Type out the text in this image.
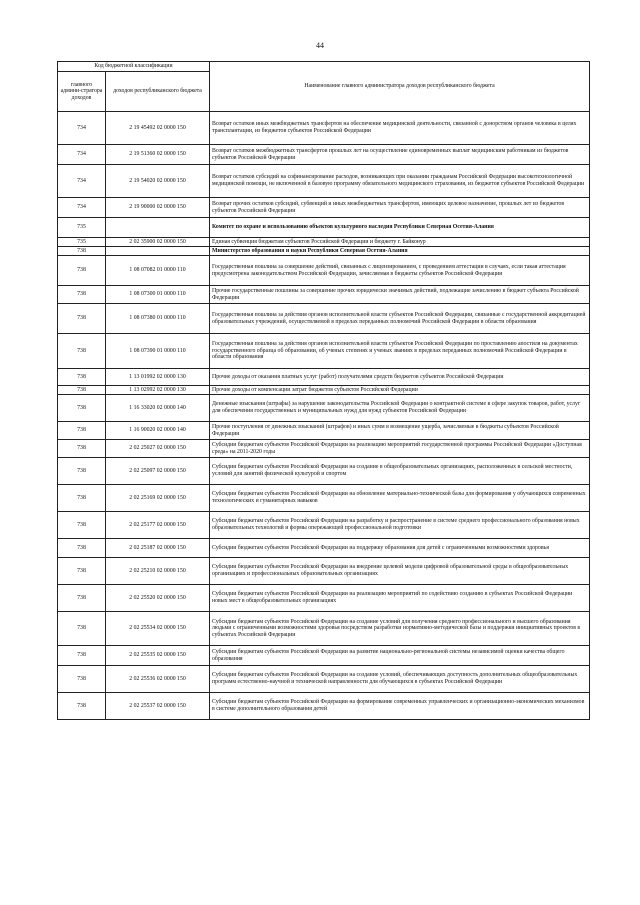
44
Код бюджетной классификации		Наименование главного администратора доходов республиканского бюджета
главного админи-стратора доходов	доходов республиканского бюджета	
734	2 19 45492 02 0000 150	Возврат остатков иных межбюджетных трансфертов на обеспечение медицинской деятельности, связанной с донорством органов человека в целях трансплантации, из бюджетов субъектов Российской Федерации
734	2 19 51360 02 0000 150	Возврат остатков межбюджетных трансфертов прошлых лет на осуществление единовременных выплат медицинским работникам из бюджетов субъектов Российской Федерации
734	2 19 54020 02 0000 150	Возврат остатков субсидий на софинансирование расходов, возникающих при оказании гражданам Российской Федерации высокотехнологичной медицинской помощи, не включенной в базовую программу обязательного медицинского страхования, из бюджетов субъектов Российской Федерации
734	2 19 90000 02 0000 150	Возврат прочих остатков субсидий, субвенций и иных межбюджетных трансфертов, имеющих целевое назначение, прошлых лет из бюджетов субъектов Российской Федерации
735		Комитет по охране и использованию объектов культурного наследия Республики Северная Осетия-Алания
735	2 02 35900 02 0000 150	Единая субвенция бюджетам субъектов Российской Федерации и бюджету г. Байконур
738		Министерство образования и науки Республики Северная Осетия-Алания
738	1 08 07082 01 0000 110	Государственная пошлина за совершение действий, связанных с лицензированием, с проведением аттестации в случаях, если такая аттестация предусмотрена законодательством Российской Федерации, зачисляемая в бюджеты субъектов Российской Федерации
738	1 08 07300 01 0000 110	Прочие государственные пошлины за совершение прочих юридически значимых действий, подлежащие зачислению в бюджет субъекта Российской Федерации
738	1 08 07380 01 0000 110	Государственная пошлина за действия органов исполнительной власти субъектов Российской Федерации, связанные с государственной аккредитацией образовательных учреждений, осуществляемой в пределах переданных полномочий Российской Федерации в области образования
738	1 08 07390 01 0000 110	Государственная пошлина за действия органов исполнительной власти субъектов Российской Федерации по проставлению апостиля на документах государственного образца об образовании, об ученых степенях и ученых званиях в пределах переданных полномочий Российской Федерации в области образования
738	1 13 01992 02 0000 130	Прочие доходы от оказания платных услуг (работ) получателями средств бюджетов субъектов Российской Федерации
738	1 13 02992 02 0000 130	Прочие доходы от компенсации затрат бюджетов субъектов Российской Федерации
738	1 16 33020 02 0000 140	Денежные взыскания (штрафы) за нарушение законодательства Российской Федерации о контрактной системе в сфере закупок товаров, работ, услуг для обеспечения государственных и муниципальных нужд для нужд субъектов Российской Федерации
738	1 16 90020 02 0000 140	Прочие поступления от денежных взысканий (штрафов) и иных сумм в возмещение ущерба, зачисляемые в бюджеты субъектов Российской Федерации
738	2 02 25027 02 0000 150	Субсидии бюджетам субъектов Российской Федерации на реализацию мероприятий государственной программы Российской Федерации «Доступная среда» на 2011-2020 годы
738	2 02 25097 02 0000 150	Субсидии бюджетам субъектов Российской Федерации на создание в общеобразовательных организациях, расположенных в сельской местности, условий для занятий физической культурой и спортом
738	2 02 25169 02 0000 150	Субсидии бюджетам субъектов Российской Федерации на обновление материально-технической базы для формирования у обучающихся современных технологических и гуманитарных навыков
738	2 02 25177 02 0000 150	Субсидии бюджетам субъектов Российской Федерации на разработку и распространение в системе среднего профессионального образования новых образовательных технологий и формы опережающей профессиональной подготовки
738	2 02 25187 02 0000 150	Субсидии бюджетам субъектов Российской Федерации на поддержку образования для детей с ограниченными возможностями здоровья
738	2 02 25210 02 0000 150	Субсидии бюджетам субъектов Российской Федерации на внедрение целевой модели цифровой образовательной среды в общеобразовательных организациях и профессиональных образовательных организациях
738	2 02 25520 02 0000 150	Субсидии бюджетам субъектов Российской Федерации на реализацию мероприятий по содействию созданию в субъектах Российской Федерации новых мест в общеобразовательных организациях
738	2 02 25534 02 0000 150	Субсидии бюджетам субъектов Российской Федерации на создание условий для получения среднего профессионального и высшего образования людьми с ограниченными возможностями здоровья посредством разработки нормативно-методической базы и поддержки инициативных проектов в субъектах Российской Федерации
738	2 02 25535 02 0000 150	Субсидии бюджетам субъектов Российской Федерации на развитие национально-региональной системы независимой оценки качества общего образования
738	2 02 25536 02 0000 150	Субсидии бюджетам субъектов Российской Федерации на создание условий, обеспечивающих доступность дополнительных общеобразовательных программ естественно-научной и технической направленности для обучающихся в субъектах Российской Федерации
738	2 02 25537 02 0000 150	Субсидии бюджетам субъектов Российской Федерации на формирование современных управленческих и организационно-экономических механизмов в системе дополнительного образования детей
